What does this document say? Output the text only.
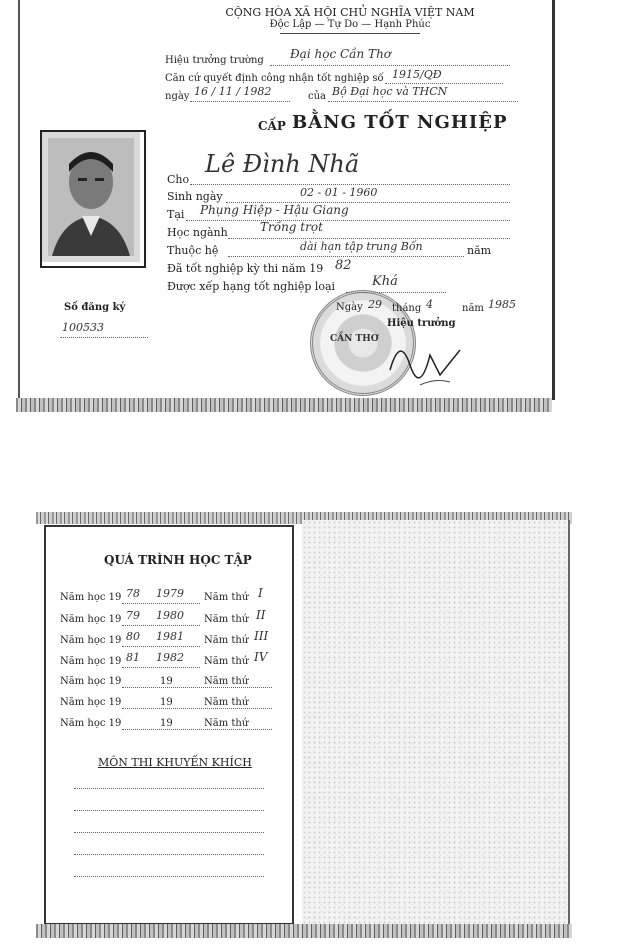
CỘNG HÒA XÃ HỘI CHỦ NGHĨA VIỆT NAM
Độc Lập — Tự Do — Hạnh Phúc
Hiệu trưởng trường Đại học Cần Thơ
Căn cứ quyết định công nhận tốt nghiệp số 1915/QĐ
ngày 16 / 11 / 1982	của Bộ Đại học và THCN
CẤP BẰNG TỐT NGHIỆP
Cho
Lê Đình Nhã
Sinh ngày	02 - 01 - 1960
Tại Phụng Hiệp - Hậu Giang
Học ngành	Trồng trọt
Thuộc hệ	dài hạn tập trung Bốn	năm
Đã tốt nghiệp kỳ thi năm 19 82
Được xếp hạng tốt nghiệp loại	Khá
Số đăng ký
100533
CẦN THƠ
Ngày 29 tháng 4	năm 1985
Hiệu trưởng
QUÁ TRÌNH HỌC TẬP
Năm học 19 78 1979 Năm thứ I
Năm học 19 79 1980 Năm thứ II
Năm học 19 80 1981 Năm thứ III
Năm học 19 81 1982 Năm thứ IV
Năm học 19	19	Năm thứ
Năm học 19	19	Năm thứ
Năm học 19	19	Năm thứ
MÔN THI KHUYẾN KHÍCH
